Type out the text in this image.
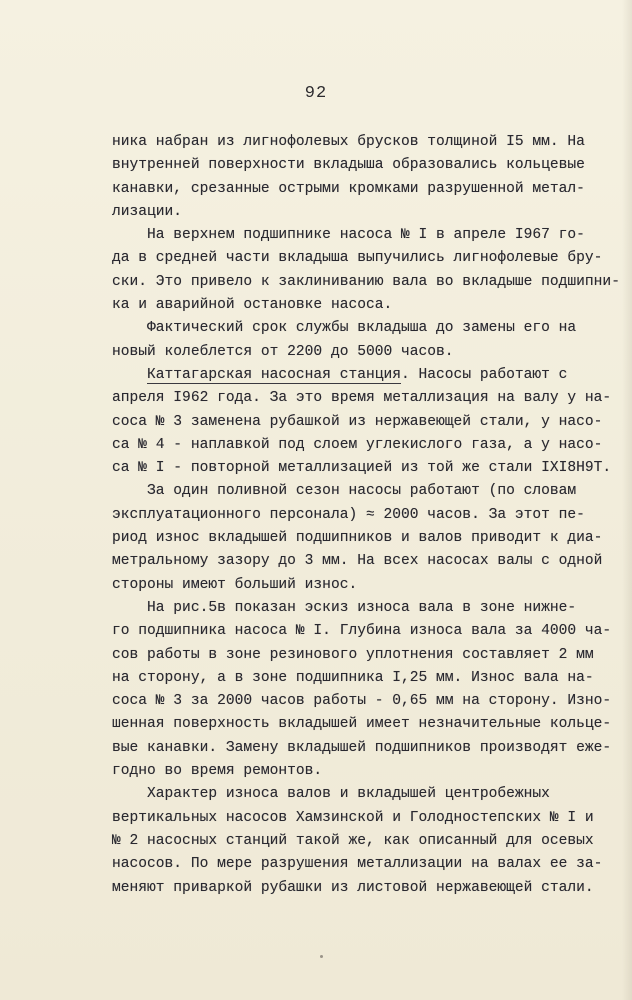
92
ника набран из лигнофолевых брусков толщиной I5 мм. На
внутренней поверхности вкладыша образовались кольцевые
канавки, срезанные острыми кромками разрушенной метал-
лизации.
На верхнем подшипнике насоса № I в апреле I967 го-
да в средней части вкладыша выпучились лигнофолевые бру-
ски. Это привело к заклиниванию вала во вкладыше подшипни-
ка и аварийной остановке насоса.
Фактический срок службы вкладыша до замены его на
новый колеблется от 2200 до 5000 часов.
Каттагарская насосная станция. Насосы работают с
апреля I962 года. За это время металлизация на валу у на-
соса № 3 заменена рубашкой из нержавеющей стали, у насо-
са № 4 - наплавкой под слоем углекислого газа, а у насо-
са № I - повторной металлизацией из той же стали IXI8Н9Т.
За один поливной сезон насосы работают (по словам
эксплуатационного персонала) ≈ 2000 часов. За этот пе-
риод износ вкладышей подшипников и валов приводит к диа-
метральному зазору до 3 мм. На всех насосах валы с одной
стороны имеют больший износ.
На рис.5в показан эскиз износа вала в зоне нижне-
го подшипника насоса № I. Глубина износа вала за 4000 ча-
сов работы в зоне резинового уплотнения составляет 2 мм
на сторону, а в зоне подшипника I,25 мм. Износ вала на-
соса № 3 за 2000 часов работы - 0,65 мм на сторону. Изно-
шенная поверхность вкладышей имеет незначительные кольце-
вые канавки. Замену вкладышей подшипников производят еже-
годно во время ремонтов.
Характер износа валов и вкладышей центробежных
вертикальных насосов Хамзинской и Голодностепских № I и
№ 2 насосных станций такой же, как описанный для осевых
насосов. По мере разрушения металлизации на валах ее за-
меняют приваркой рубашки из листовой нержавеющей стали.
